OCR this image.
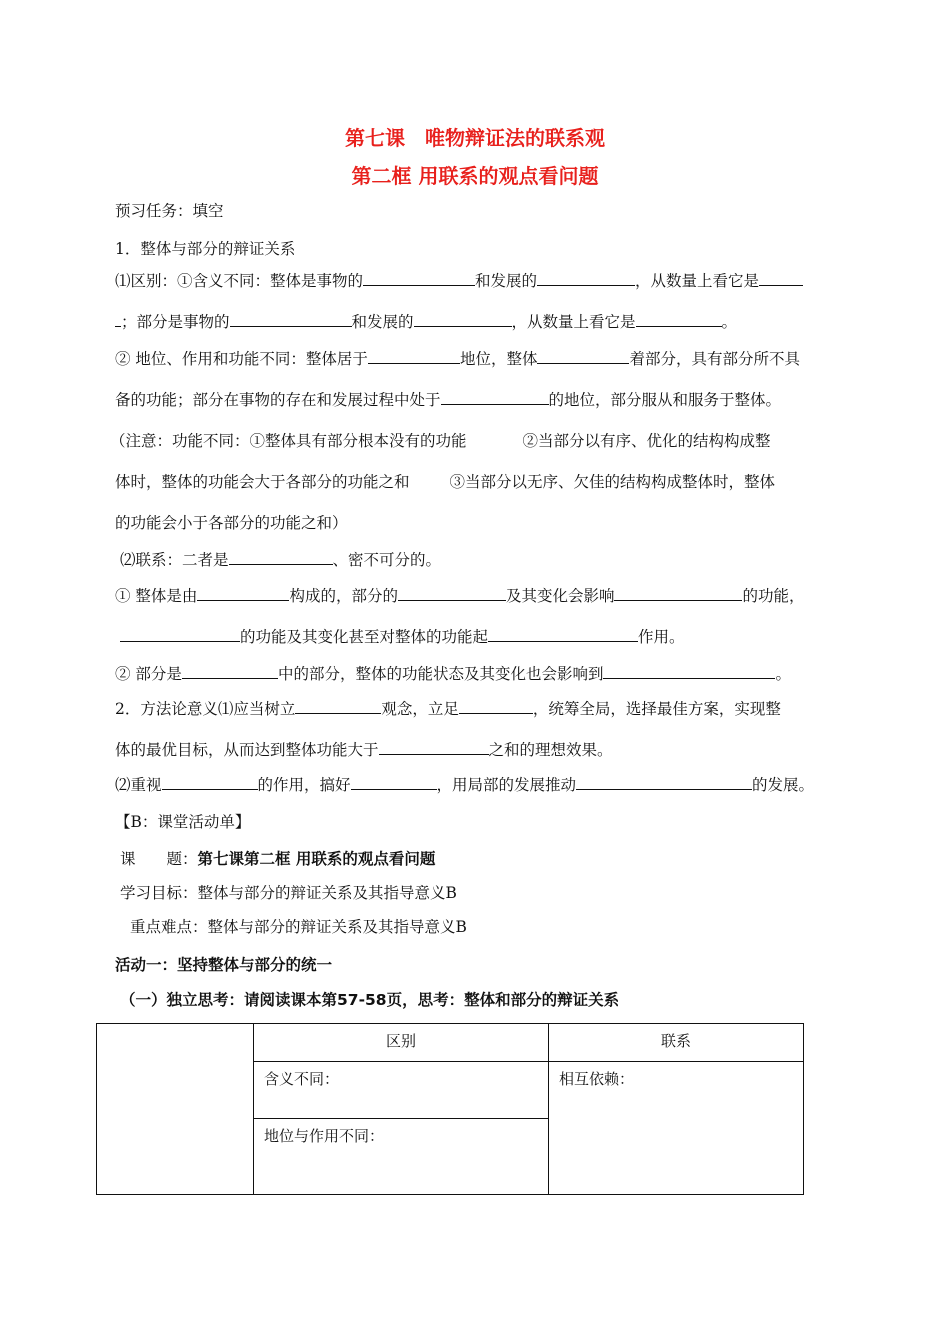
第七课　唯物辩证法的联系观
第二框 用联系的观点看问题
预习任务：填空
1．整体与部分的辩证关系
⑴区别：①含义不同：整体是事物的	和发展的	，从数量上看它是
；部分是事物的	和发展的	，从数量上看它是	。
② 地位、作用和功能不同：整体居于	地位，整体	着部分，具有部分所不具
备的功能；部分在事物的存在和发展过程中处于	的地位，部分服从和服务于整体。
（注意：功能不同：①整体具有部分根本没有的功能	②当部分以有序、优化的结构构成整
体时，整体的功能会大于各部分的功能之和	③当部分以无序、欠佳的结构构成整体时，整体
的功能会小于各部分的功能之和）
⑵联系：二者是	、密不可分的。
① 整体是由	构成的，部分的	及其变化会影响	的功能，
的功能及其变化甚至对整体的功能起	作用。
② 部分是	中的部分，整体的功能状态及其变化也会影响到	。
2．方法论意义⑴应当树立	观念，立足	，统筹全局，选择最佳方案，实现整
体的最优目标，从而达到整体功能大于	之和的理想效果。
⑵重视	的作用，搞好	，用局部的发展推动	的发展。
【B：课堂活动单】
课　　题：第七课第二框 用联系的观点看问题
学习目标：整体与部分的辩证关系及其指导意义B
重点难点：整体与部分的辩证关系及其指导意义B
活动一：坚持整体与部分的统一
（一）独立思考：请阅读课本第57-58页，思考：整体和部分的辩证关系
	区别	联系
	含义不同：	相互依赖：
	地位与作用不同：	
